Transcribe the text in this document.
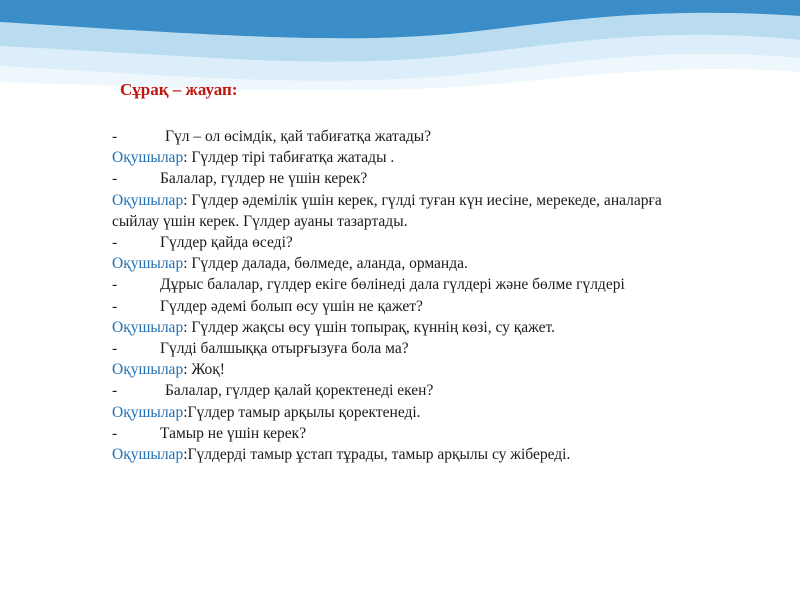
Сұрақ – жауап:
-	Гүл – ол өсімдік, қай табиғатқа жатады?
Оқушылар: Гүлдер тірі табиғатқа жатады .
-	Балалар, гүлдер не үшін керек?
Оқушылар: Гүлдер әдемілік үшін керек, гүлді туған күн иесіне, мерекеде, аналарға сыйлау үшін керек. Гүлдер ауаны тазартады.
-	Гүлдер қайда өседі?
Оқушылар: Гүлдер далада, бөлмеде, аланда, орманда.
-	Дұрыс балалар, гүлдер екіге бөлінеді дала гүлдері және бөлме гүлдері
-	Гүлдер әдемі болып өсу үшін не қажет?
Оқушылар: Гүлдер жақсы өсу үшін топырақ, күннің көзі, су қажет.
-	Гүлді балшыққа отырғызуға бола ма?
Оқушылар: Жоқ!
-	Балалар, гүлдер қалай қоректенеді екен?
Оқушылар:Гүлдер тамыр арқылы қоректенеді.
-	Тамыр не үшін керек?
Оқушылар:Гүлдерді тамыр ұстап тұрады, тамыр арқылы су жібереді.
